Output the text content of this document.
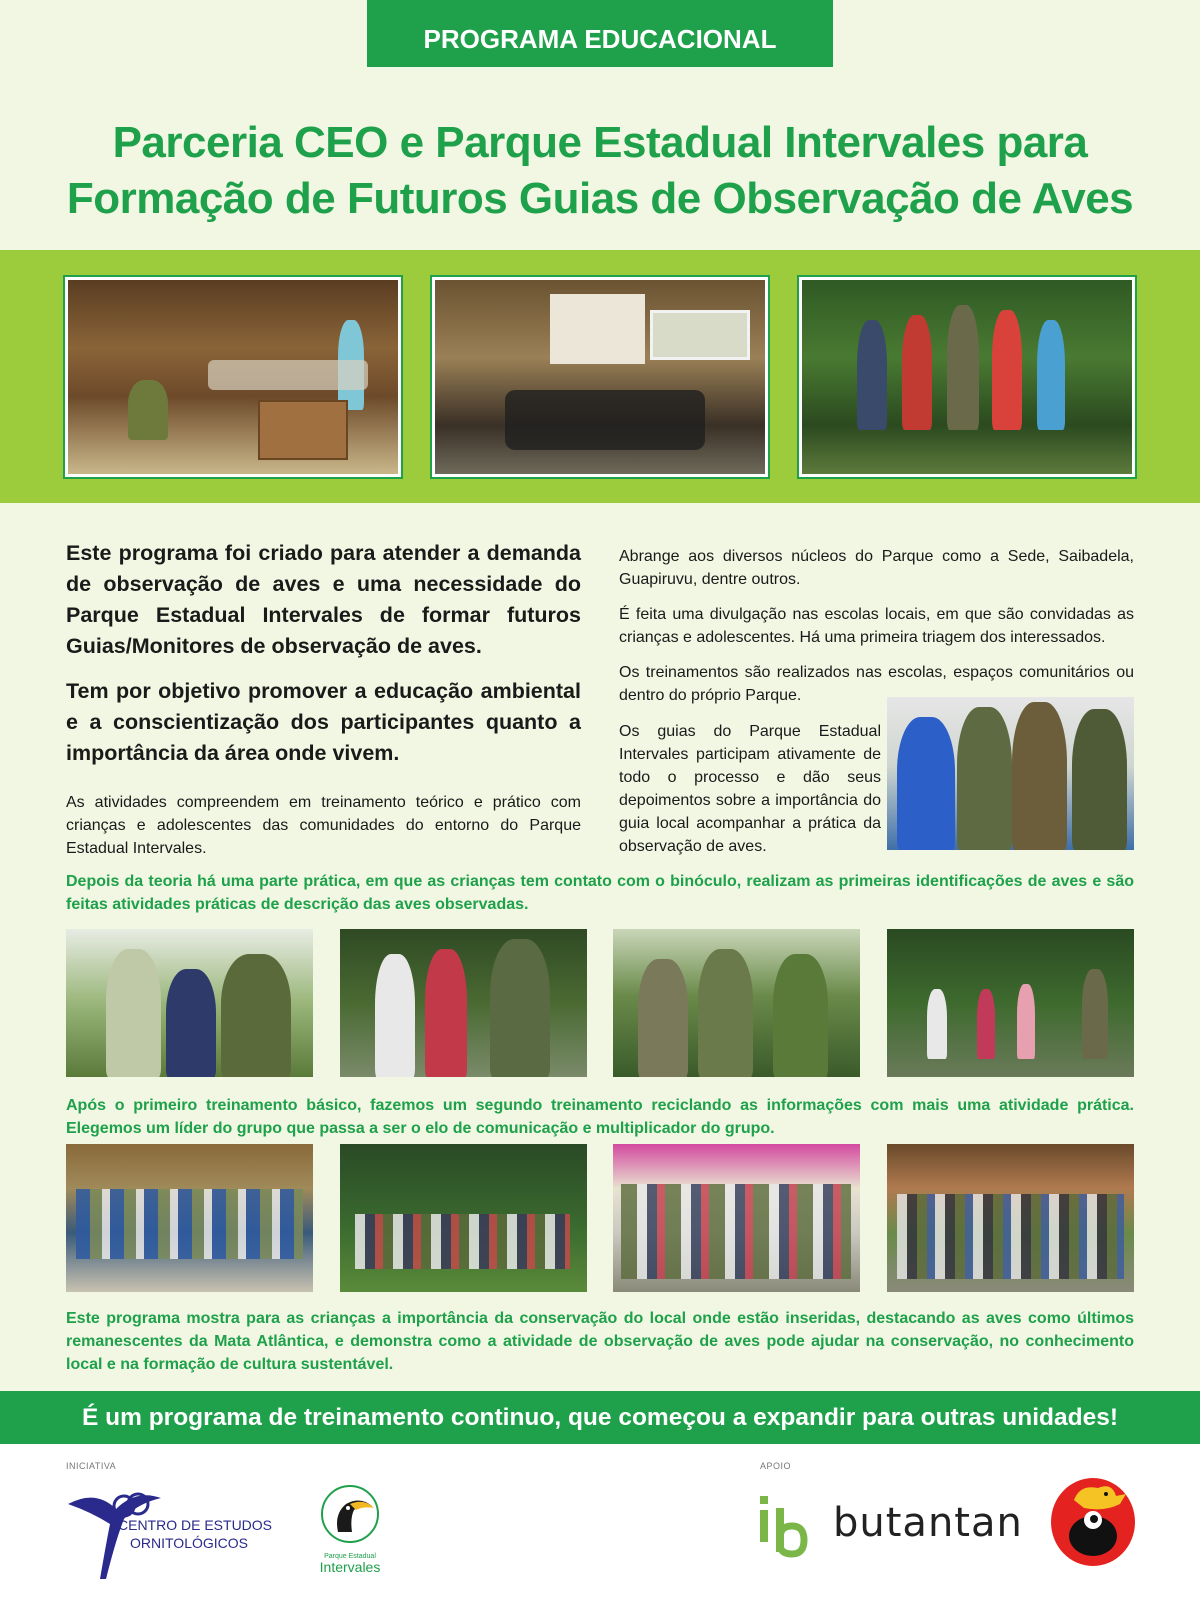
PROGRAMA EDUCACIONAL
Parceria CEO e Parque Estadual Intervales para
Formação de Futuros Guias de Observação de Aves

Este programa foi criado para atender a demanda de observação de aves e uma necessidade do Parque Estadual Intervales de formar futuros Guias/Monitores de observação de aves.

Tem por objetivo promover a educação ambiental e a conscientização dos participantes quanto a importância da área onde vivem.

As atividades compreendem em treinamento teórico e prático com crianças e adolescentes das comunidades do entorno do Parque Estadual Intervales.

Abrange aos diversos núcleos do Parque como a Sede, Saibadela, Guapiruvu, dentre outros.

É feita uma divulgação nas escolas locais, em que são convidadas as crianças e adolescentes. Há uma primeira triagem dos interessados.

Os treinamentos são realizados nas escolas, espaços comunitários ou dentro do próprio Parque.

Os guias do Parque Estadual Intervales participam ativamente de todo o processo e dão seus depoimentos sobre a importância do guia local acompanhar a prática da observação de aves.

Depois da teoria há uma parte prática, em que as crianças tem contato com o binóculo, realizam as primeiras identificações de aves e são feitas atividades práticas de descrição das aves observadas.

Após o primeiro treinamento básico, fazemos um segundo treinamento reciclando as informações com mais uma atividade prática. Elegemos um líder do grupo que passa a ser o elo de comunicação e multiplicador do grupo.

Este programa mostra para as crianças a importância da conservação do local onde estão inseridas, destacando as aves como últimos remanescentes da Mata Atlântica, e demonstra como a atividade de observação de aves pode ajudar na conservação, no conhecimento local e na formação de cultura sustentável.

É um programa de treinamento continuo, que começou a expandir para outras unidades!
INICIATIVA	APOIO
CENTRO DE ESTUDOS
ORNITOLÓGICOS
Parque Estadual
Intervales
butantan
